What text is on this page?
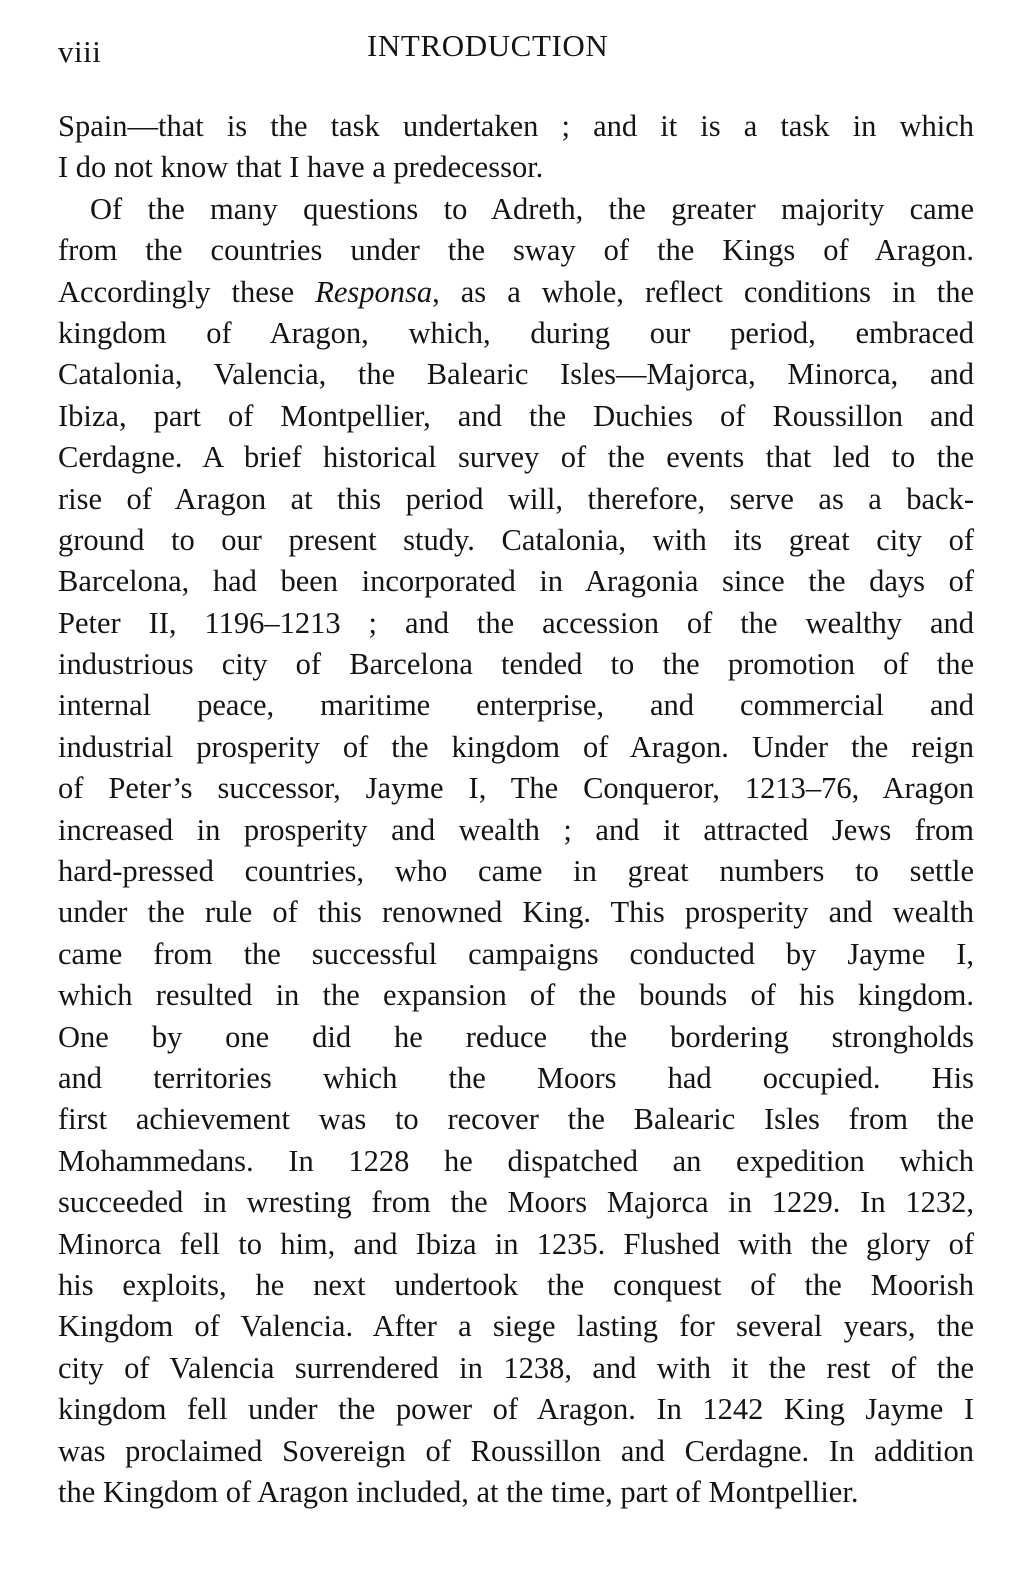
viii	INTRODUCTION
Spain—that is the task undertaken ; and it is a task in which
I do not know that I have a predecessor.
Of the many questions to Adreth, the greater majority came
from the countries under the sway of the Kings of Aragon.
Accordingly these Responsa, as a whole, reflect conditions in the
kingdom of Aragon, which, during our period, embraced
Catalonia, Valencia, the Balearic Isles—Majorca, Minorca, and
Ibiza, part of Montpellier, and the Duchies of Roussillon and
Cerdagne. A brief historical survey of the events that led to the
rise of Aragon at this period will, therefore, serve as a back-
ground to our present study. Catalonia, with its great city of
Barcelona, had been incorporated in Aragonia since the days of
Peter II, 1196–1213 ; and the accession of the wealthy and
industrious city of Barcelona tended to the promotion of the
internal peace, maritime enterprise, and commercial and
industrial prosperity of the kingdom of Aragon. Under the reign
of Peter’s successor, Jayme I, The Conqueror, 1213–76, Aragon
increased in prosperity and wealth ; and it attracted Jews from
hard-pressed countries, who came in great numbers to settle
under the rule of this renowned King. This prosperity and wealth
came from the successful campaigns conducted by Jayme I,
which resulted in the expansion of the bounds of his kingdom.
One by one did he reduce the bordering strongholds
and territories which the Moors had occupied. His
first achievement was to recover the Balearic Isles from the
Mohammedans. In 1228 he dispatched an expedition which
succeeded in wresting from the Moors Majorca in 1229. In 1232,
Minorca fell to him, and Ibiza in 1235. Flushed with the glory of
his exploits, he next undertook the conquest of the Moorish
Kingdom of Valencia. After a siege lasting for several years, the
city of Valencia surrendered in 1238, and with it the rest of the
kingdom fell under the power of Aragon. In 1242 King Jayme I
was proclaimed Sovereign of Roussillon and Cerdagne. In addition
the Kingdom of Aragon included, at the time, part of Montpellier.
